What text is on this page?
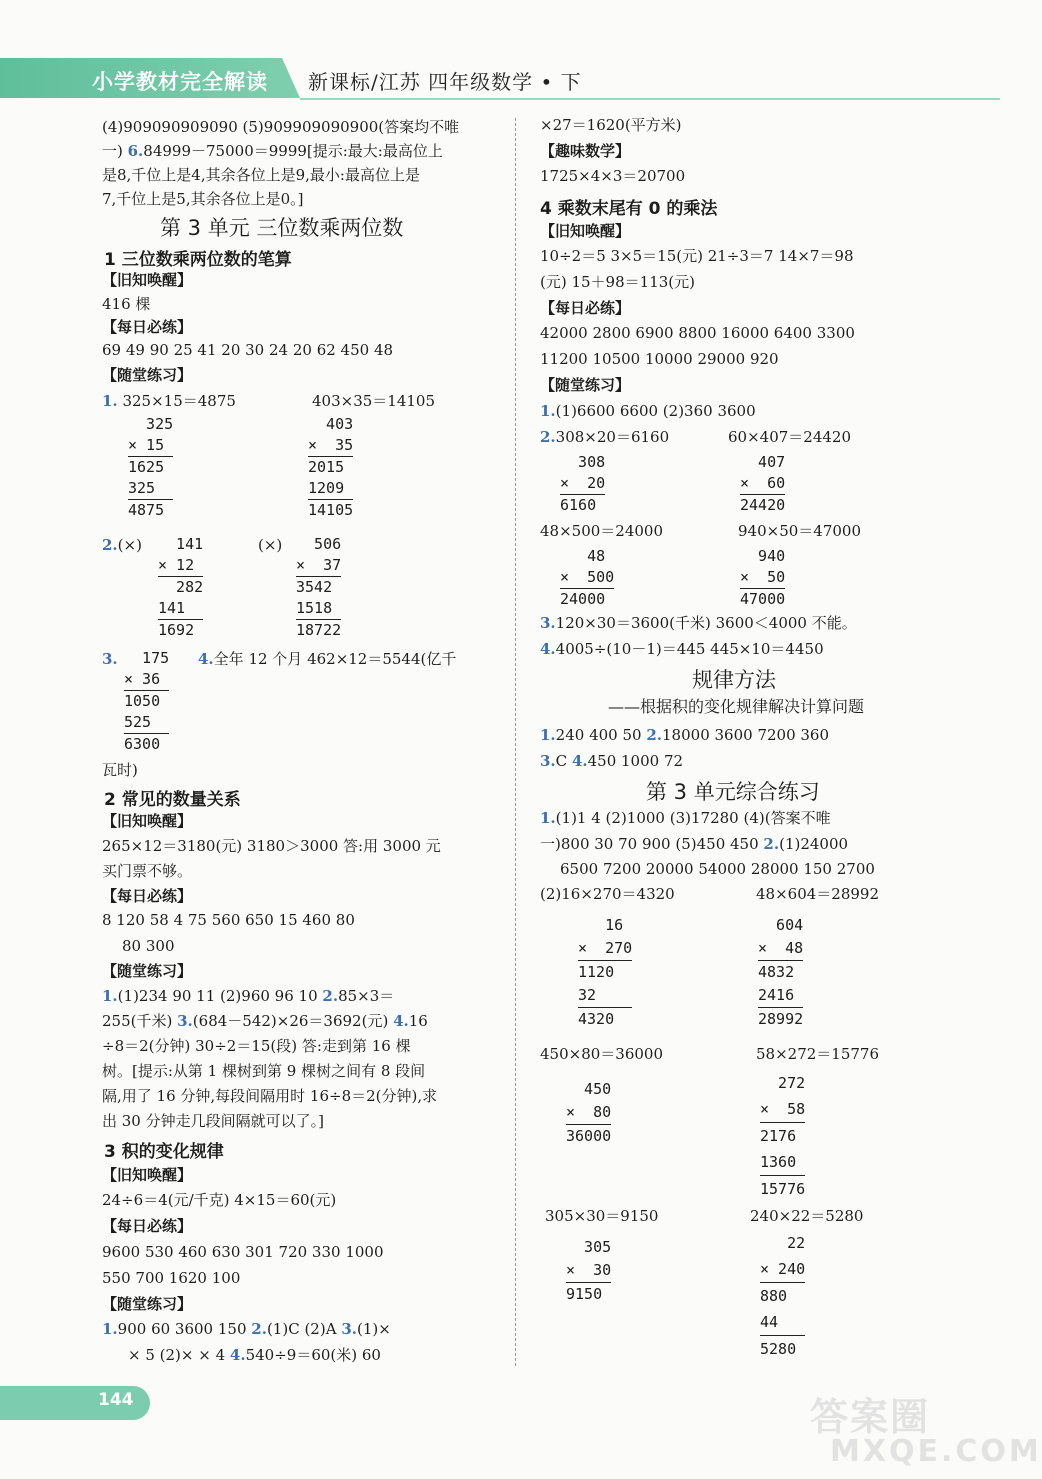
小学教材完全解读 新课标/江苏 四年级数学 • 下
(4)909090909090 (5)909909090900(答案均不唯
一) 6.84999－75000＝9999[提示:最大:最高位上
是8,千位上是4,其余各位上是9,最小:最高位上是
7,千位上是5,其余各位上是0。]
第 3 单元 三位数乘两位数
1 三位数乘两位数的笔算
【旧知唤醒】
416 棵
【每日必练】
69 49 90 25 41 20 30 24 20 62 450 48
【随堂练习】
1. 325×15＝4875	403×35＝14105
325
× 15
1625
325
4875
403
×  35
2015
1209
14105
2.(×)	(×)
141
× 12
282
141
1692
506
×  37
3542
1518
18722
3.	4.全年 12 个月 462×12＝5544(亿千
175
× 36
1050
525
6300
瓦时)
2 常见的数量关系
【旧知唤醒】
265×12＝3180(元) 3180＞3000 答:用 3000 元
买门票不够。
【每日必练】
8 120 58 4 75 560 650 15 460 80
80 300
【随堂练习】
1.(1)234 90 11 (2)960 96 10 2.85×3＝
255(千米) 3.(684－542)×26＝3692(元) 4.16
÷8＝2(分钟) 30÷2＝15(段) 答:走到第 16 棵
树。[提示:从第 1 棵树到第 9 棵树之间有 8 段间
隔,用了 16 分钟,每段间隔用时 16÷8＝2(分钟),求
出 30 分钟走几段间隔就可以了。]
3 积的变化规律
【旧知唤醒】
24÷6＝4(元/千克) 4×15＝60(元)
【每日必练】
9600 530 460 630 301 720 330 1000
550 700 1620 100
【随堂练习】
1.900 60 3600 150 2.(1)C (2)A 3.(1)×
× 5 (2)× × 4 4.540÷9＝60(米) 60
×27＝1620(平方米)
【趣味数学】
1725×4×3＝20700
4 乘数末尾有 0 的乘法
【旧知唤醒】
10÷2＝5 3×5＝15(元) 21÷3＝7 14×7＝98
(元) 15＋98＝113(元)
【每日必练】
42000 2800 6900 8800 16000 6400 3300
11200 10500 10000 29000 920
【随堂练习】
1.(1)6600 6600 (2)360 3600
2.308×20＝6160	60×407＝24420
308
×  20
6160
407
×  60
24420
48×500＝24000	940×50＝47000
48
×  500
24000
940
×  50
47000
3.120×30＝3600(千米) 3600＜4000 不能。
4.4005÷(10－1)＝445 445×10＝4450
规律方法
——根据积的变化规律解决计算问题
1.240 400 50 2.18000 3600 7200 360
3.C 4.450 1000 72
第 3 单元综合练习
1.(1)1 4 (2)1000 (3)17280 (4)(答案不唯
一)800 30 70 900 (5)450 450 2.(1)24000
6500 7200 20000 54000 28000 150 2700
(2)16×270＝4320	48×604＝28992
16
×  270
1120
32
4320
604
×  48
4832
2416
28992
450×80＝36000	58×272＝15776
450
×  80
36000
272
×  58
2176
1360
15776
305×30＝9150	240×22＝5280
305
×  30
9150
22
× 240
880
44
5280
144	答案圈
MXQE.COM
